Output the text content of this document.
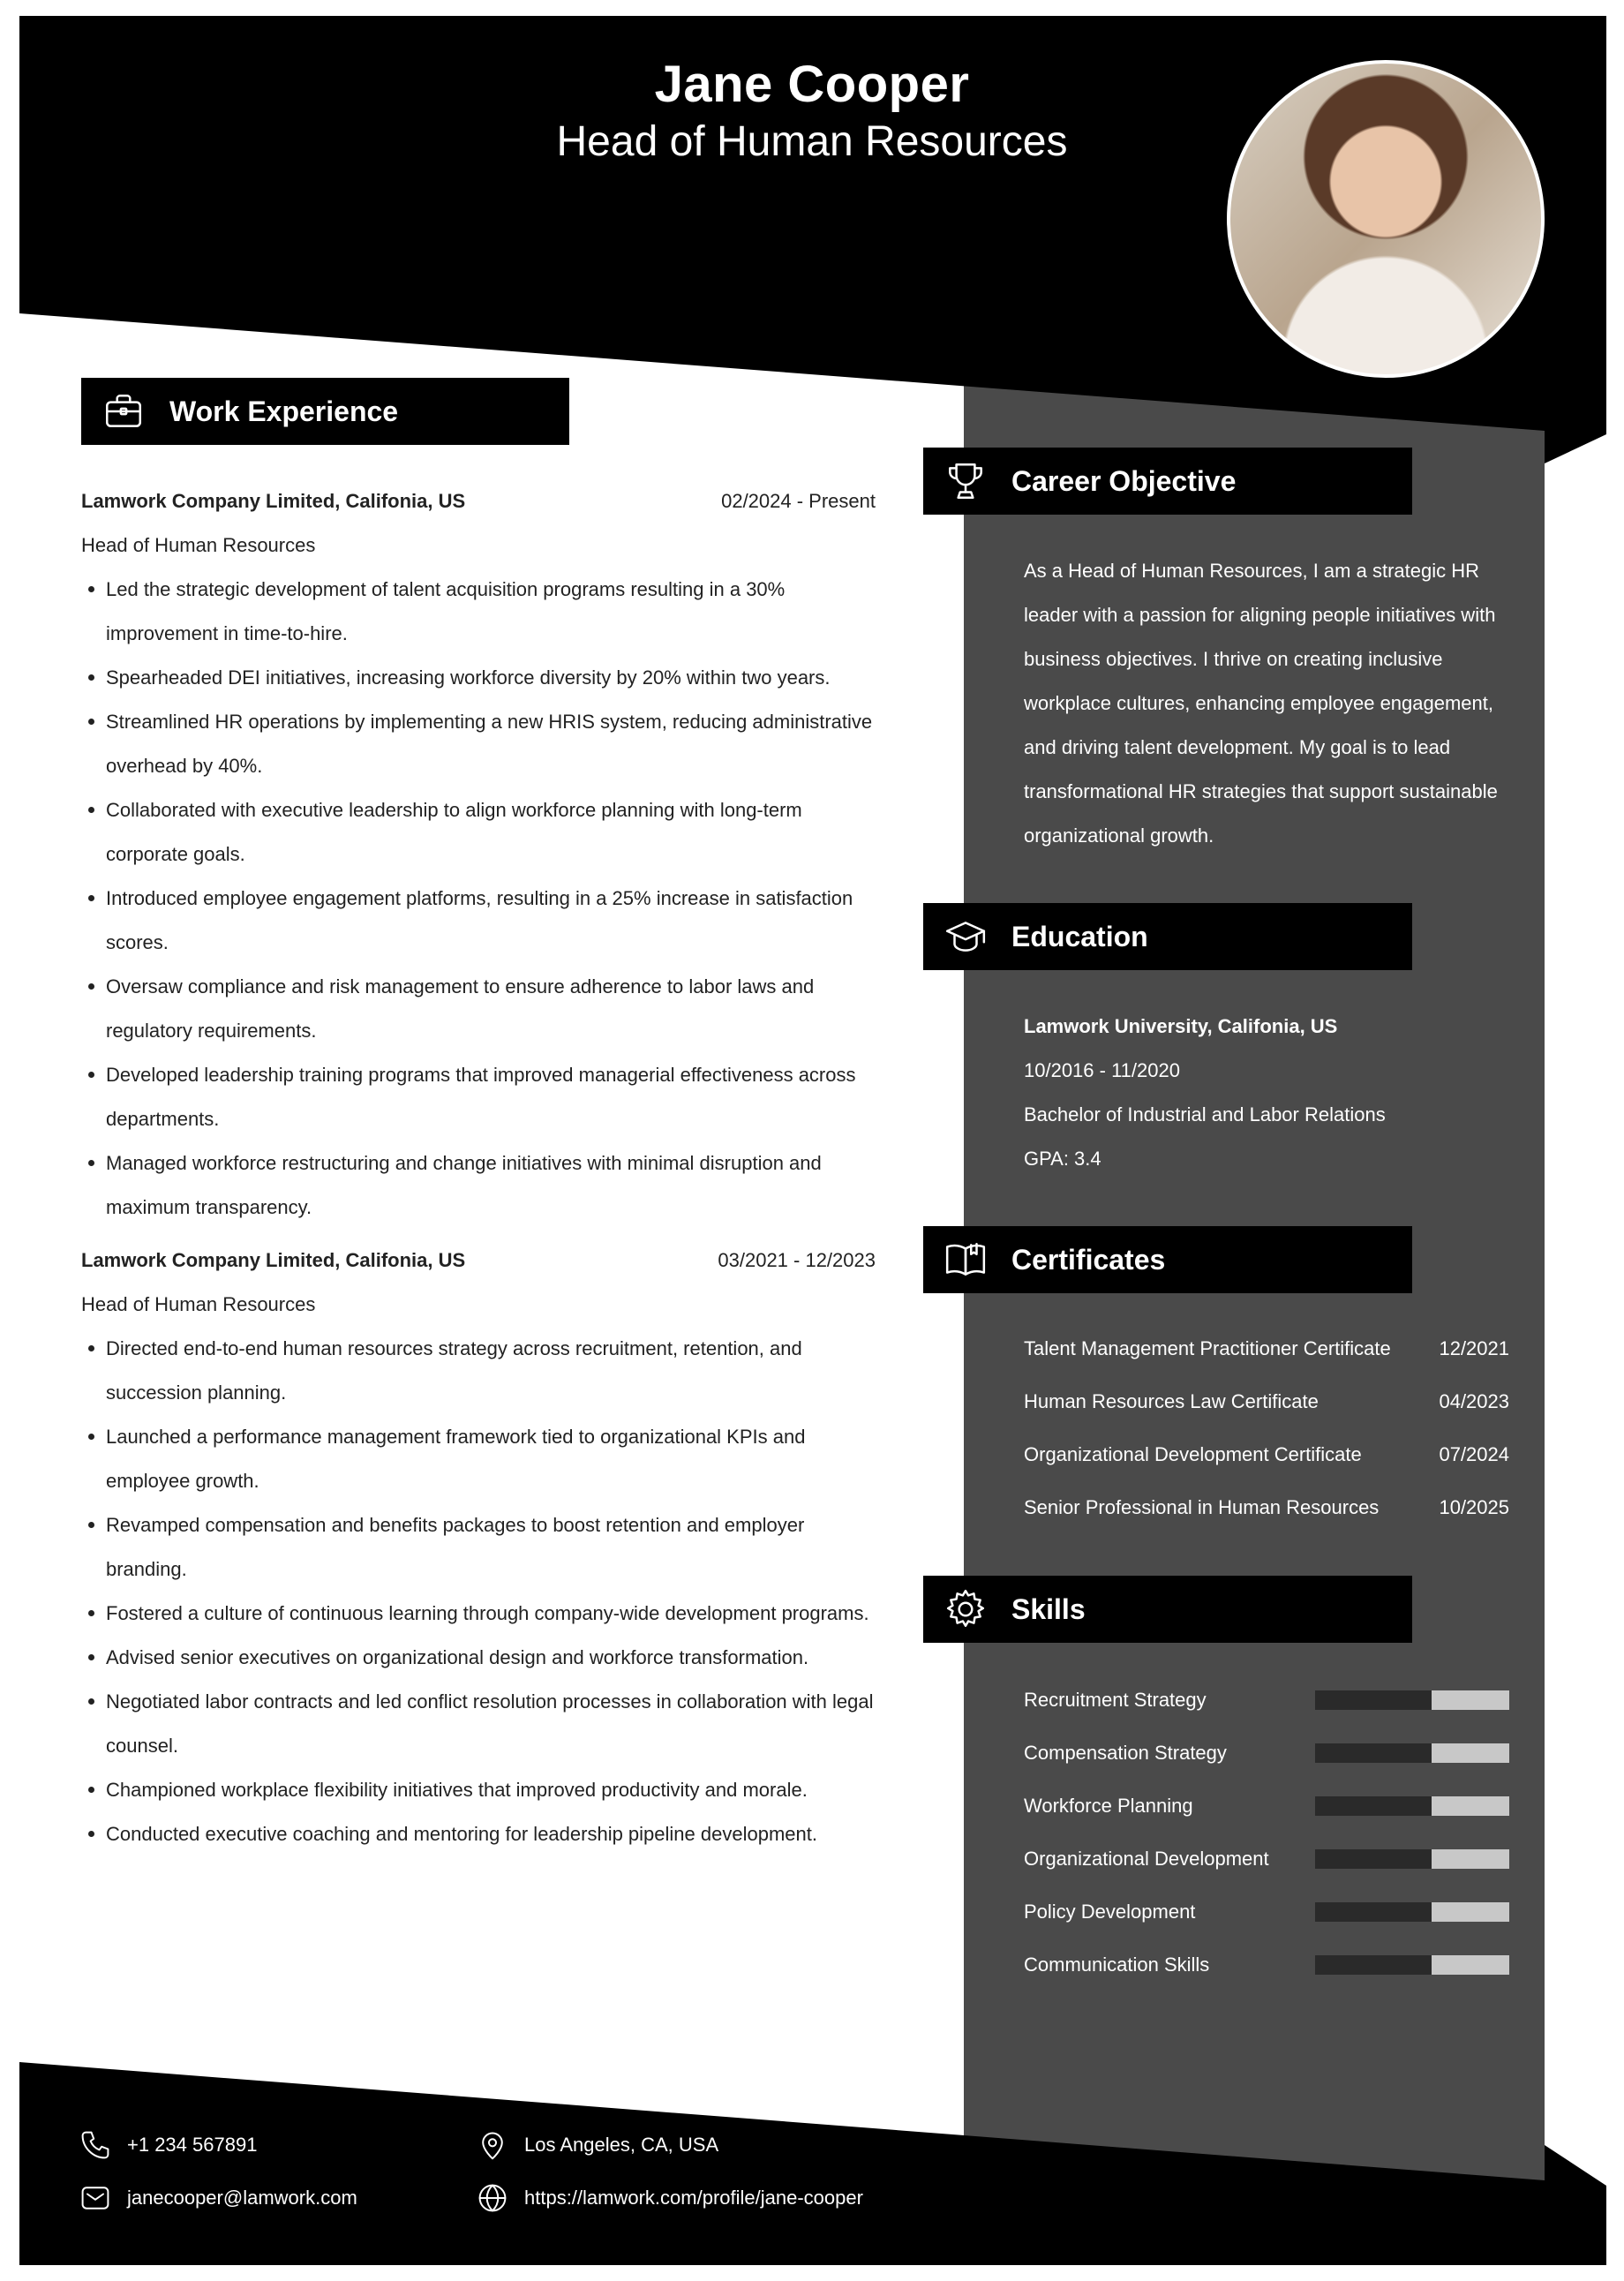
Jane Cooper
Head of Human Resources
Work Experience
Lamwork Company Limited, Califonia, US	02/2024 - Present
Head of Human Resources
Led the strategic development of talent acquisition programs resulting in a 30% improvement in time-to-hire.
Spearheaded DEI initiatives, increasing workforce diversity by 20% within two years.
Streamlined HR operations by implementing a new HRIS system, reducing administrative overhead by 40%.
Collaborated with executive leadership to align workforce planning with long-term corporate goals.
Introduced employee engagement platforms, resulting in a 25% increase in satisfaction scores.
Oversaw compliance and risk management to ensure adherence to labor laws and regulatory requirements.
Developed leadership training programs that improved managerial effectiveness across departments.
Managed workforce restructuring and change initiatives with minimal disruption and maximum transparency.
Lamwork Company Limited, Califonia, US	03/2021 - 12/2023
Head of Human Resources
Directed end-to-end human resources strategy across recruitment, retention, and succession planning.
Launched a performance management framework tied to organizational KPIs and employee growth.
Revamped compensation and benefits packages to boost retention and employer branding.
Fostered a culture of continuous learning through company-wide development programs.
Advised senior executives on organizational design and workforce transformation.
Negotiated labor contracts and led conflict resolution processes in collaboration with legal counsel.
Championed workplace flexibility initiatives that improved productivity and morale.
Conducted executive coaching and mentoring for leadership pipeline development.
Career Objective
As a Head of Human Resources, I am a strategic HR leader with a passion for aligning people initiatives with business objectives. I thrive on creating inclusive workplace cultures, enhancing employee engagement, and driving talent development. My goal is to lead transformational HR strategies that support sustainable organizational growth.
Education
Lamwork University, Califonia, US
10/2016 - 11/2020
Bachelor of Industrial and Labor Relations
GPA: 3.4
Certificates
Talent Management Practitioner Certificate 12/2021
Human Resources Law Certificate	04/2023
Organizational Development Certificate	07/2024
Senior Professional in Human Resources	10/2025
Skills
Recruitment Strategy
Compensation Strategy
Workforce Planning
Organizational Development
Policy Development
Communication Skills
+1 234 567891	Los Angeles, CA, USA
janecooper@lamwork.com	https://lamwork.com/profile/jane-cooper
